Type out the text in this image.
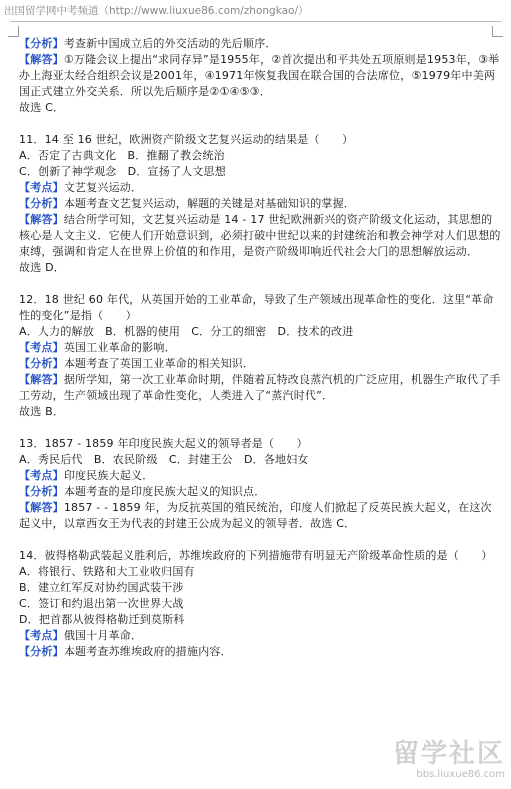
出国留学网中考频道（http://www.liuxue86.com/zhongkao/）

【分析】考查新中国成立后的外交活动的先后顺序．

【解答】①万隆会议上提出“求同存异”是1955年，②首次提出和平共处五项原则是1953年，③举办上海亚太经合组织会议是2001年，④1971年恢复我国在联合国的合法席位，⑤1979年中美两国正式建立外交关系．所以先后顺序是②①④⑤③．

故选 C．

11．14 至 16 世纪，欧洲资产阶级文艺复兴运动的结果是（　　）

A．否定了古典文化　B．推翻了教会统治

C．创新了神学观念　D．宣扬了人文思想

【考点】文艺复兴运动．

【分析】本题考查文艺复兴运动，解题的关键是对基础知识的掌握．

【解答】结合所学可知，文艺复兴运动是 14 - 17 世纪欧洲新兴的资产阶级文化运动，其思想的核心是人文主义．它使人们开始意识到，必须打破中世纪以来的封建统治和教会神学对人们思想的束缚，强调和肯定人在世界上价值的和作用，是资产阶级叩响近代社会大门的思想解放运动．

故选 D．

12．18 世纪 60 年代，从英国开始的工业革命，导致了生产领域出现革命性的变化．这里“革命性的变化”是指（　　）

A．人力的解放　B．机器的使用　C．分工的细密　D．技术的改进

【考点】英国工业革命的影响．

【分析】本题考查了英国工业革命的相关知识．

【解答】据所学知，第一次工业革命时期，伴随着瓦特改良蒸汽机的广泛应用，机器生产取代了手工劳动，生产领域出现了革命性变化，人类进入了“蒸汽时代”．

故选 B．

13．1857 - 1859 年印度民族大起义的领导者是（　　）

A．秀民后代　B．农民阶级　C．封建王公　D．各地妇女

【考点】印度民族大起义．

【分析】本题考查的是印度民族大起义的知识点．

【解答】1857 - - 1859 年，为反抗英国的殖民统治，印度人们掀起了反英民族大起义，在这次起义中，以章西女王为代表的封建王公成为起义的领导者．故选 C．

14．彼得格勒武装起义胜利后，苏维埃政府的下列措施带有明显无产阶级革命性质的是（　　）

A．将银行、铁路和大工业收归国有

B．建立红军反对协约国武装干涉

C．签订和约退出第一次世界大战

D．把首都从彼得格勒迁到莫斯科

【考点】俄国十月革命．

【分析】本题考查苏维埃政府的措施内容．

留学社区
bbs.liuxue86.com
